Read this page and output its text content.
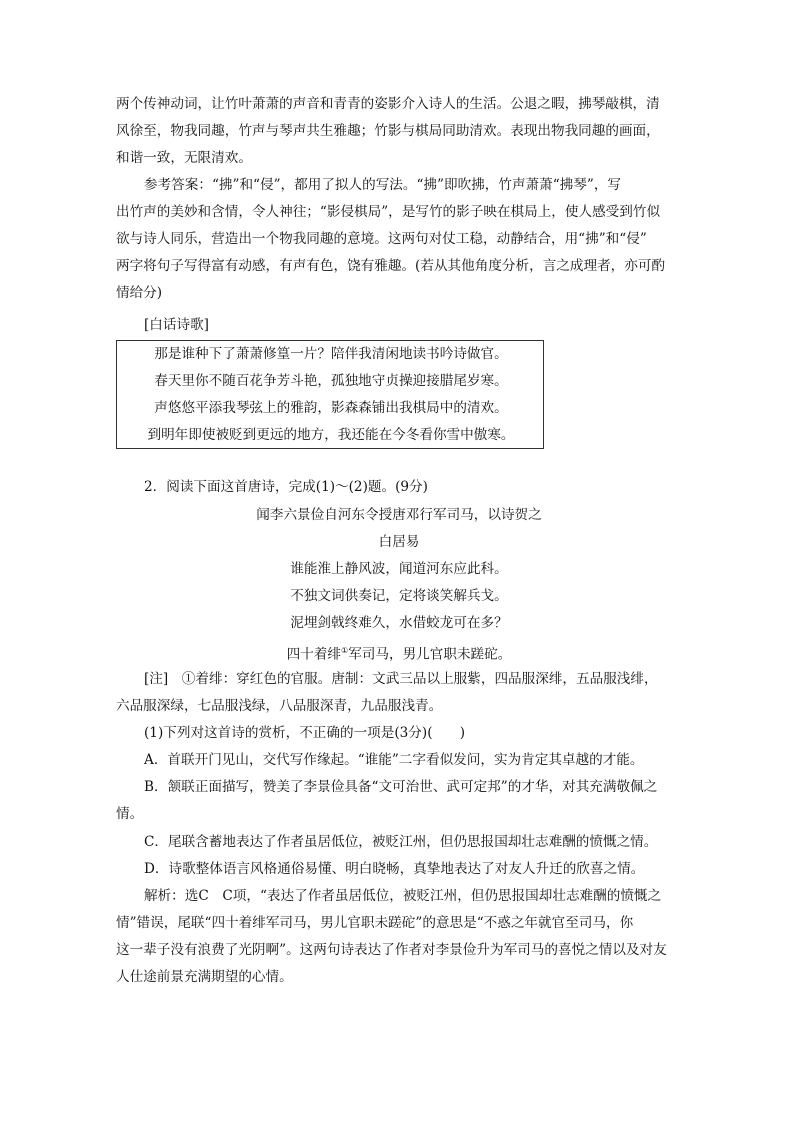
两个传神动词，让竹叶萧萧的声音和青青的姿影介入诗人的生活。公退之暇，拂琴敲棋，清
风徐至，物我同趣，竹声与琴声共生雅趣；竹影与棋局同助清欢。表现出物我同趣的画面，
和谐一致，无限清欢。
参考答案：“拂”和“侵”，都用了拟人的写法。“拂”即吹拂，竹声萧萧“拂琴”，写
出竹声的美妙和含情，令人神往；“影侵棋局”，是写竹的影子映在棋局上，使人感受到竹似
欲与诗人同乐，营造出一个物我同趣的意境。这两句对仗工稳，动静结合，用“拂”和“侵”
两字将句子写得富有动感，有声有色，饶有雅趣。(若从其他角度分析，言之成理者，亦可酌
情给分)
[白话诗歌]
那是谁种下了萧萧修篁一片？陪伴我清闲地读书吟诗做官。
春天里你不随百花争芳斗艳，孤独地守贞操迎接腊尾岁寒。
声悠悠平添我琴弦上的雅韵，影森森铺出我棋局中的清欢。
到明年即使被贬到更远的地方，我还能在今冬看你雪中傲寒。
2．阅读下面这首唐诗，完成(1)～(2)题。(9分)
闻李六景俭自河东令授唐邓行军司马，以诗贺之
白居易
谁能淮上静风波，闻道河东应此科。
不独文词供奏记，定将谈笑解兵戈。
泥埋剑戟终难久，水借蛟龙可在多？
四十着绯①军司马，男儿官职未蹉砣。
[注]　①着绯：穿红色的官服。唐制：文武三品以上服紫，四品服深绯，五品服浅绯，
六品服深绿，七品服浅绿，八品服深青，九品服浅青。
(1)下列对这首诗的赏析，不正确的一项是(3分)(　　)
A．首联开门见山，交代写作缘起。“谁能”二字看似发问，实为肯定其卓越的才能。
B．颔联正面描写，赞美了李景俭具备“文可治世、武可定邦”的才华，对其充满敬佩之
情。
C．尾联含蓄地表达了作者虽居低位，被贬江州，但仍思报国却壮志难酬的愤慨之情。
D．诗歌整体语言风格通俗易懂、明白晓畅，真挚地表达了对友人升迁的欣喜之情。
解析：选C　C项，“表达了作者虽居低位，被贬江州，但仍思报国却壮志难酬的愤慨之
情”错误，尾联“四十着绯军司马，男儿官职未蹉砣”的意思是“不惑之年就官至司马，你
这一辈子没有浪费了光阴啊”。这两句诗表达了作者对李景俭升为军司马的喜悦之情以及对友
人仕途前景充满期望的心情。
